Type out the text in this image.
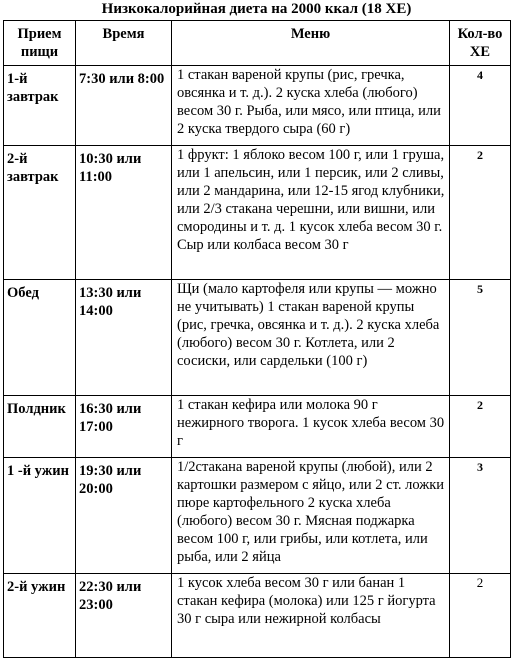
Низкокалорийная диета на 2000 ккал (18 ХЕ)
Прием пищи	Время	Меню	Кол-во ХЕ
1-й завтрак	7:30 или 8:00	1 стакан вареной крупы (рис, гречка, овсянка и т. д.). 2 куска хлеба (любого) весом 30 г. Рыба, или мясо, или птица, или 2 куска твердого сыра (60 г)	4
2-й завтрак	10:30 или 11:00	1 фрукт: 1 яблоко весом 100 г, или 1 груша, или 1 апельсин, или 1 персик, или 2 сливы, или 2 мандарина, или 12-15 ягод клубники, или 2/3 стакана черешни, или вишни, или смородины и т. д. 1 кусок хлеба весом 30 г. Сыр или колбаса весом 30 г	2
Обед	13:30 или 14:00	Щи (мало картофеля или крупы — можно не учитывать) 1 стакан вареной крупы (рис, гречка, овсянка и т. д.). 2 куска хлеба (любого) весом 30 г. Котлета, или 2 сосиски, или сардельки (100 г)	5
Полдник	16:30 или 17:00	1 стакан кефира или молока 90 г нежирного творога. 1 кусок хлеба весом 30 г	2
1 -й ужин	19:30 или 20:00	1/2стакана вареной крупы (любой), или 2 картошки размером с яйцо, или 2 ст. ложки пюре картофельного 2 куска хлеба (любого) весом 30 г. Мясная поджарка весом 100 г, или грибы, или котлета, или рыба, или 2 яйца	3
2-й ужин	22:30 или 23:00	1 кусок хлеба весом 30 г или банан 1 стакан кефира (молока) или 125 г йогурта 30 г сыра или нежирной колбасы	2
